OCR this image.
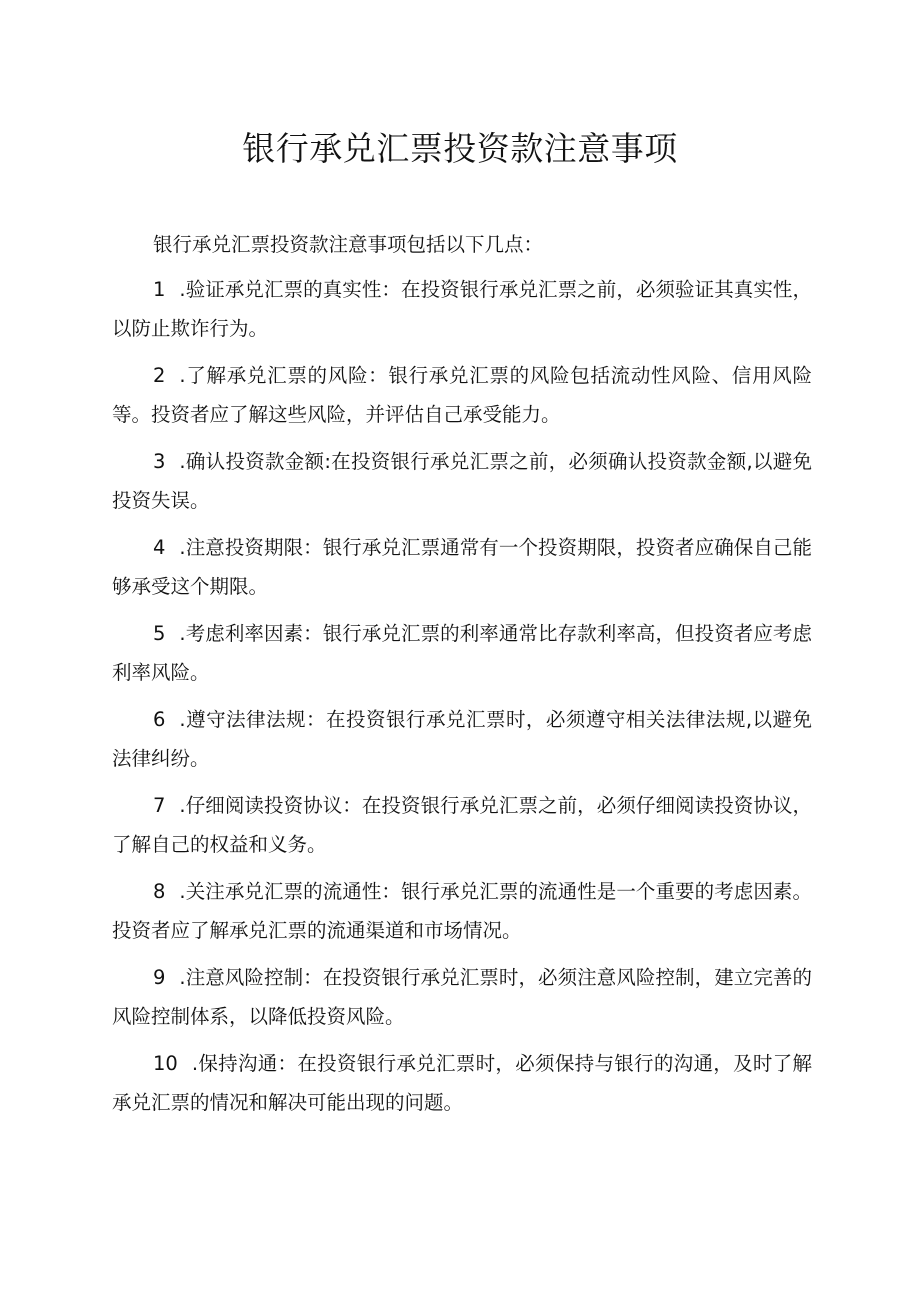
银行承兑汇票投资款注意事项

银行承兑汇票投资款注意事项包括以下几点：

1 .验证承兑汇票的真实性：在投资银行承兑汇票之前，必须验证其真实性，以防止欺诈行为。
2 .了解承兑汇票的风险：银行承兑汇票的风险包括流动性风险、信用风险等。投资者应了解这些风险，并评估自己承受能力。
3 .确认投资款金额:在投资银行承兑汇票之前，必须确认投资款金额,以避免投资失误。
4 .注意投资期限：银行承兑汇票通常有一个投资期限，投资者应确保自己能够承受这个期限。
5 .考虑利率因素：银行承兑汇票的利率通常比存款利率高，但投资者应考虑利率风险。
6 .遵守法律法规：在投资银行承兑汇票时，必须遵守相关法律法规,以避免法律纠纷。
7 .仔细阅读投资协议：在投资银行承兑汇票之前，必须仔细阅读投资协议，了解自己的权益和义务。
8 .关注承兑汇票的流通性：银行承兑汇票的流通性是一个重要的考虑因素。投资者应了解承兑汇票的流通渠道和市场情况。
9 .注意风险控制：在投资银行承兑汇票时，必须注意风险控制，建立完善的风险控制体系，以降低投资风险。
10 .保持沟通：在投资银行承兑汇票时，必须保持与银行的沟通，及时了解承兑汇票的情况和解决可能出现的问题。
